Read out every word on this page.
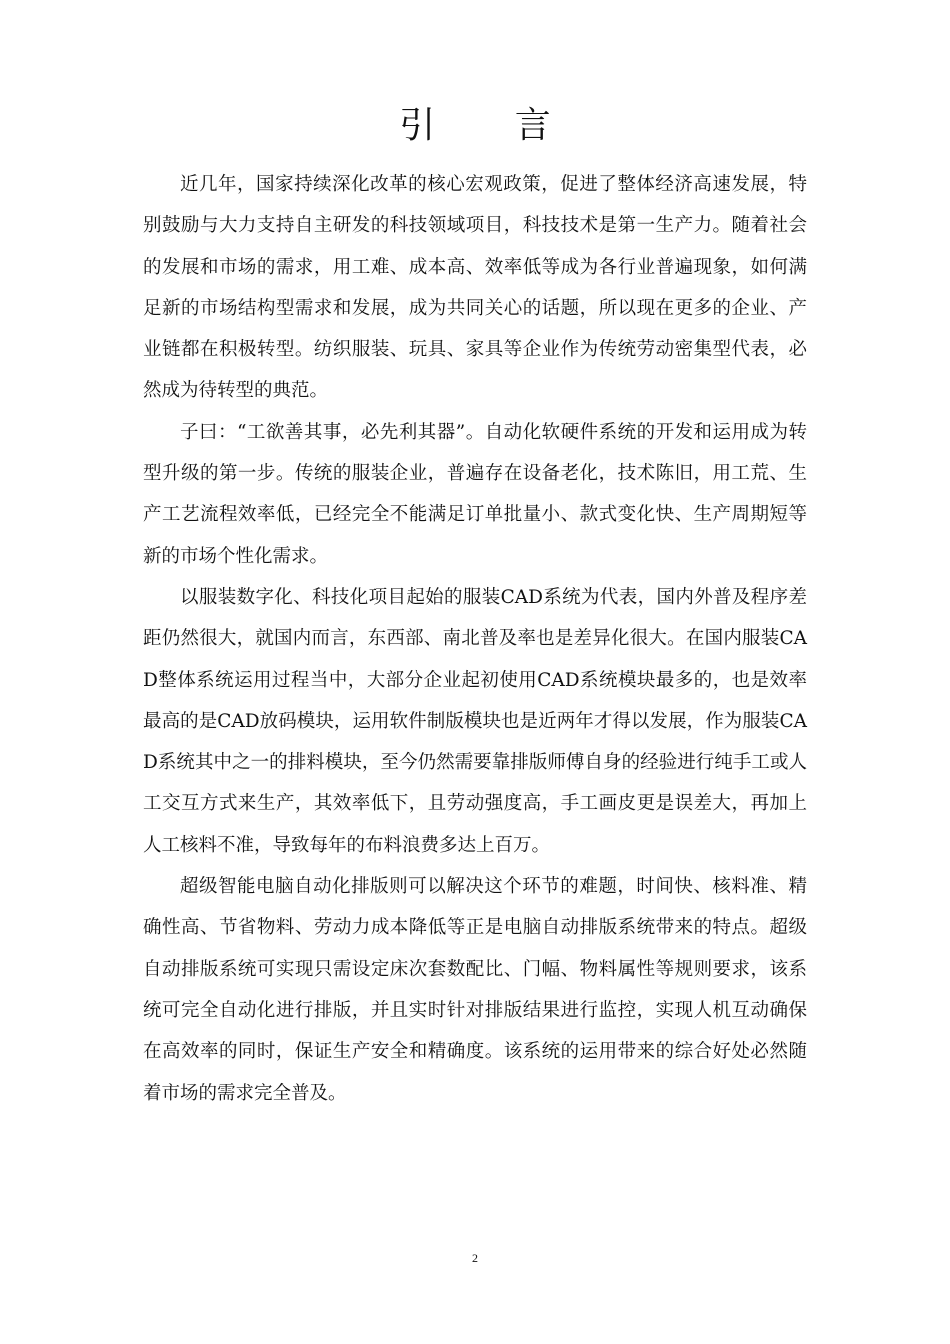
引 言

近几年，国家持续深化改革的核心宏观政策，促进了整体经济高速发展，特别鼓励与大力支持自主研发的科技领域项目，科技技术是第一生产力。随着社会的发展和市场的需求，用工难、成本高、效率低等成为各行业普遍现象，如何满足新的市场结构型需求和发展，成为共同关心的话题，所以现在更多的企业、产业链都在积极转型。纺织服装、玩具、家具等企业作为传统劳动密集型代表，必然成为待转型的典范。

子曰：“工欲善其事，必先利其器”。自动化软硬件系统的开发和运用成为转型升级的第一步。传统的服装企业，普遍存在设备老化，技术陈旧，用工荒、生产工艺流程效率低，已经完全不能满足订单批量小、款式变化快、生产周期短等新的市场个性化需求。

以服装数字化、科技化项目起始的服装CAD系统为代表，国内外普及程序差距仍然很大，就国内而言，东西部、南北普及率也是差异化很大。在国内服装CAD整体系统运用过程当中，大部分企业起初使用CAD系统模块最多的，也是效率最高的是CAD放码模块，运用软件制版模块也是近两年才得以发展，作为服装CAD系统其中之一的排料模块，至今仍然需要靠排版师傅自身的经验进行纯手工或人工交互方式来生产，其效率低下，且劳动强度高，手工画皮更是误差大，再加上人工核料不准，导致每年的布料浪费多达上百万。

超级智能电脑自动化排版则可以解决这个环节的难题，时间快、核料准、精确性高、节省物料、劳动力成本降低等正是电脑自动排版系统带来的特点。超级自动排版系统可实现只需设定床次套数配比、门幅、物料属性等规则要求，该系统可完全自动化进行排版，并且实时针对排版结果进行监控，实现人机互动确保在高效率的同时，保证生产安全和精确度。该系统的运用带来的综合好处必然随着市场的需求完全普及。

2
